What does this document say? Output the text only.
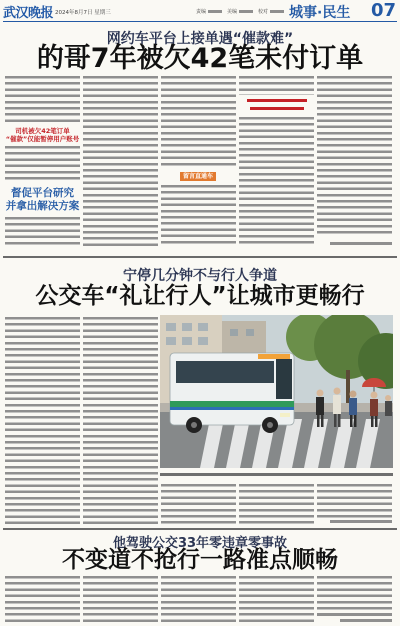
武汉晚报 2024年8月7日 星期三	责编	美编	校对 城事·民生 07
网约车平台上接单遇“催款难”
的哥7年被欠42笔未付订单
司机被欠42笔订单
“催款”仅能暂停用户账号
督促平台研究
并拿出解决方案
留言直通车
宁停几分钟不与行人争道
公交车“礼让行人”让城市更畅行
他驾驶公交33年零违章零事故
不变道不抢行一路准点顺畅
